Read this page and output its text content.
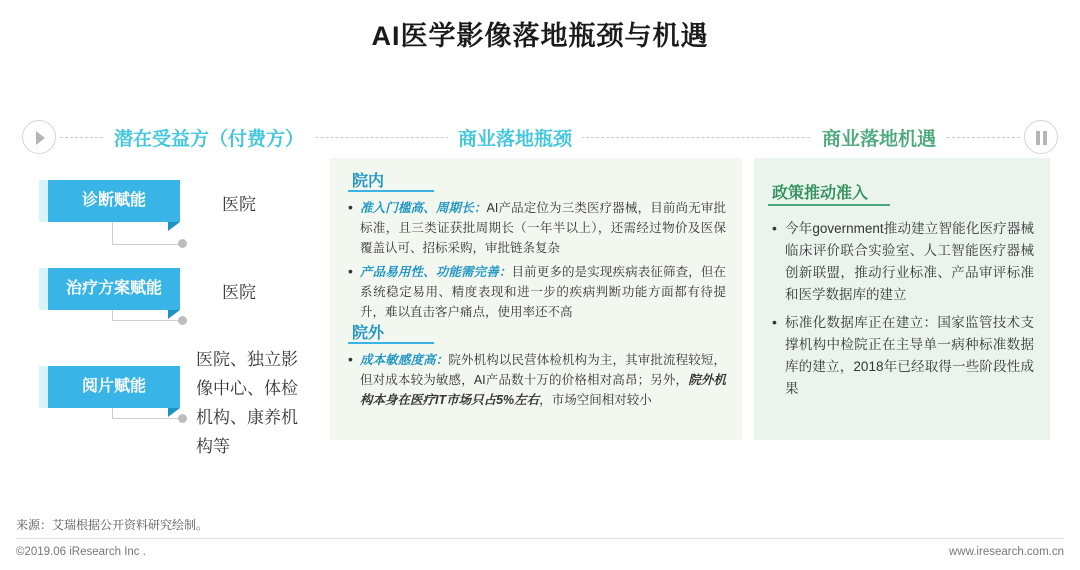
AI医学影像落地瓶颈与机遇
潜在受益方（付费方）	商业落地瓶颈	商业落地机遇
诊断赋能
治疗方案赋能
阅片赋能
医院
医院
医院、独立影像中心、体检机构、康养机构等
院内
• 准入门槛高、周期长：AI产品定位为三类医疗器械，目前尚无审批标准，且三类证获批周期长（一年半以上），还需经过物价及医保覆盖认可、招标采购，审批链条复杂
• 产品易用性、功能需完善：目前更多的是实现疾病表征筛查，但在系统稳定易用、精度表现和进一步的疾病判断功能方面都有待提升，难以直击客户痛点，使用率还不高
院外
• 成本敏感度高：院外机构以民营体检机构为主，其审批流程较短，但对成本较为敏感，AI产品数十万的价格相对高昂；另外，院外机构本身在医疗IT市场只占5%左右，市场空间相对较小
政策推动准入
• 今年government推动建立智能化医疗器械临床评价联合实验室、人工智能医疗器械创新联盟，推动行业标准、产品审评标准和医学数据库的建立
• 标准化数据库正在建立：国家监管技术支撑机构中检院正在主导单一病种标准数据库的建立，2018年已经取得一些阶段性成果
来源：艾瑞根据公开资料研究绘制。
©2019.06 iResearch Inc .	www.iresearch.com.cn
